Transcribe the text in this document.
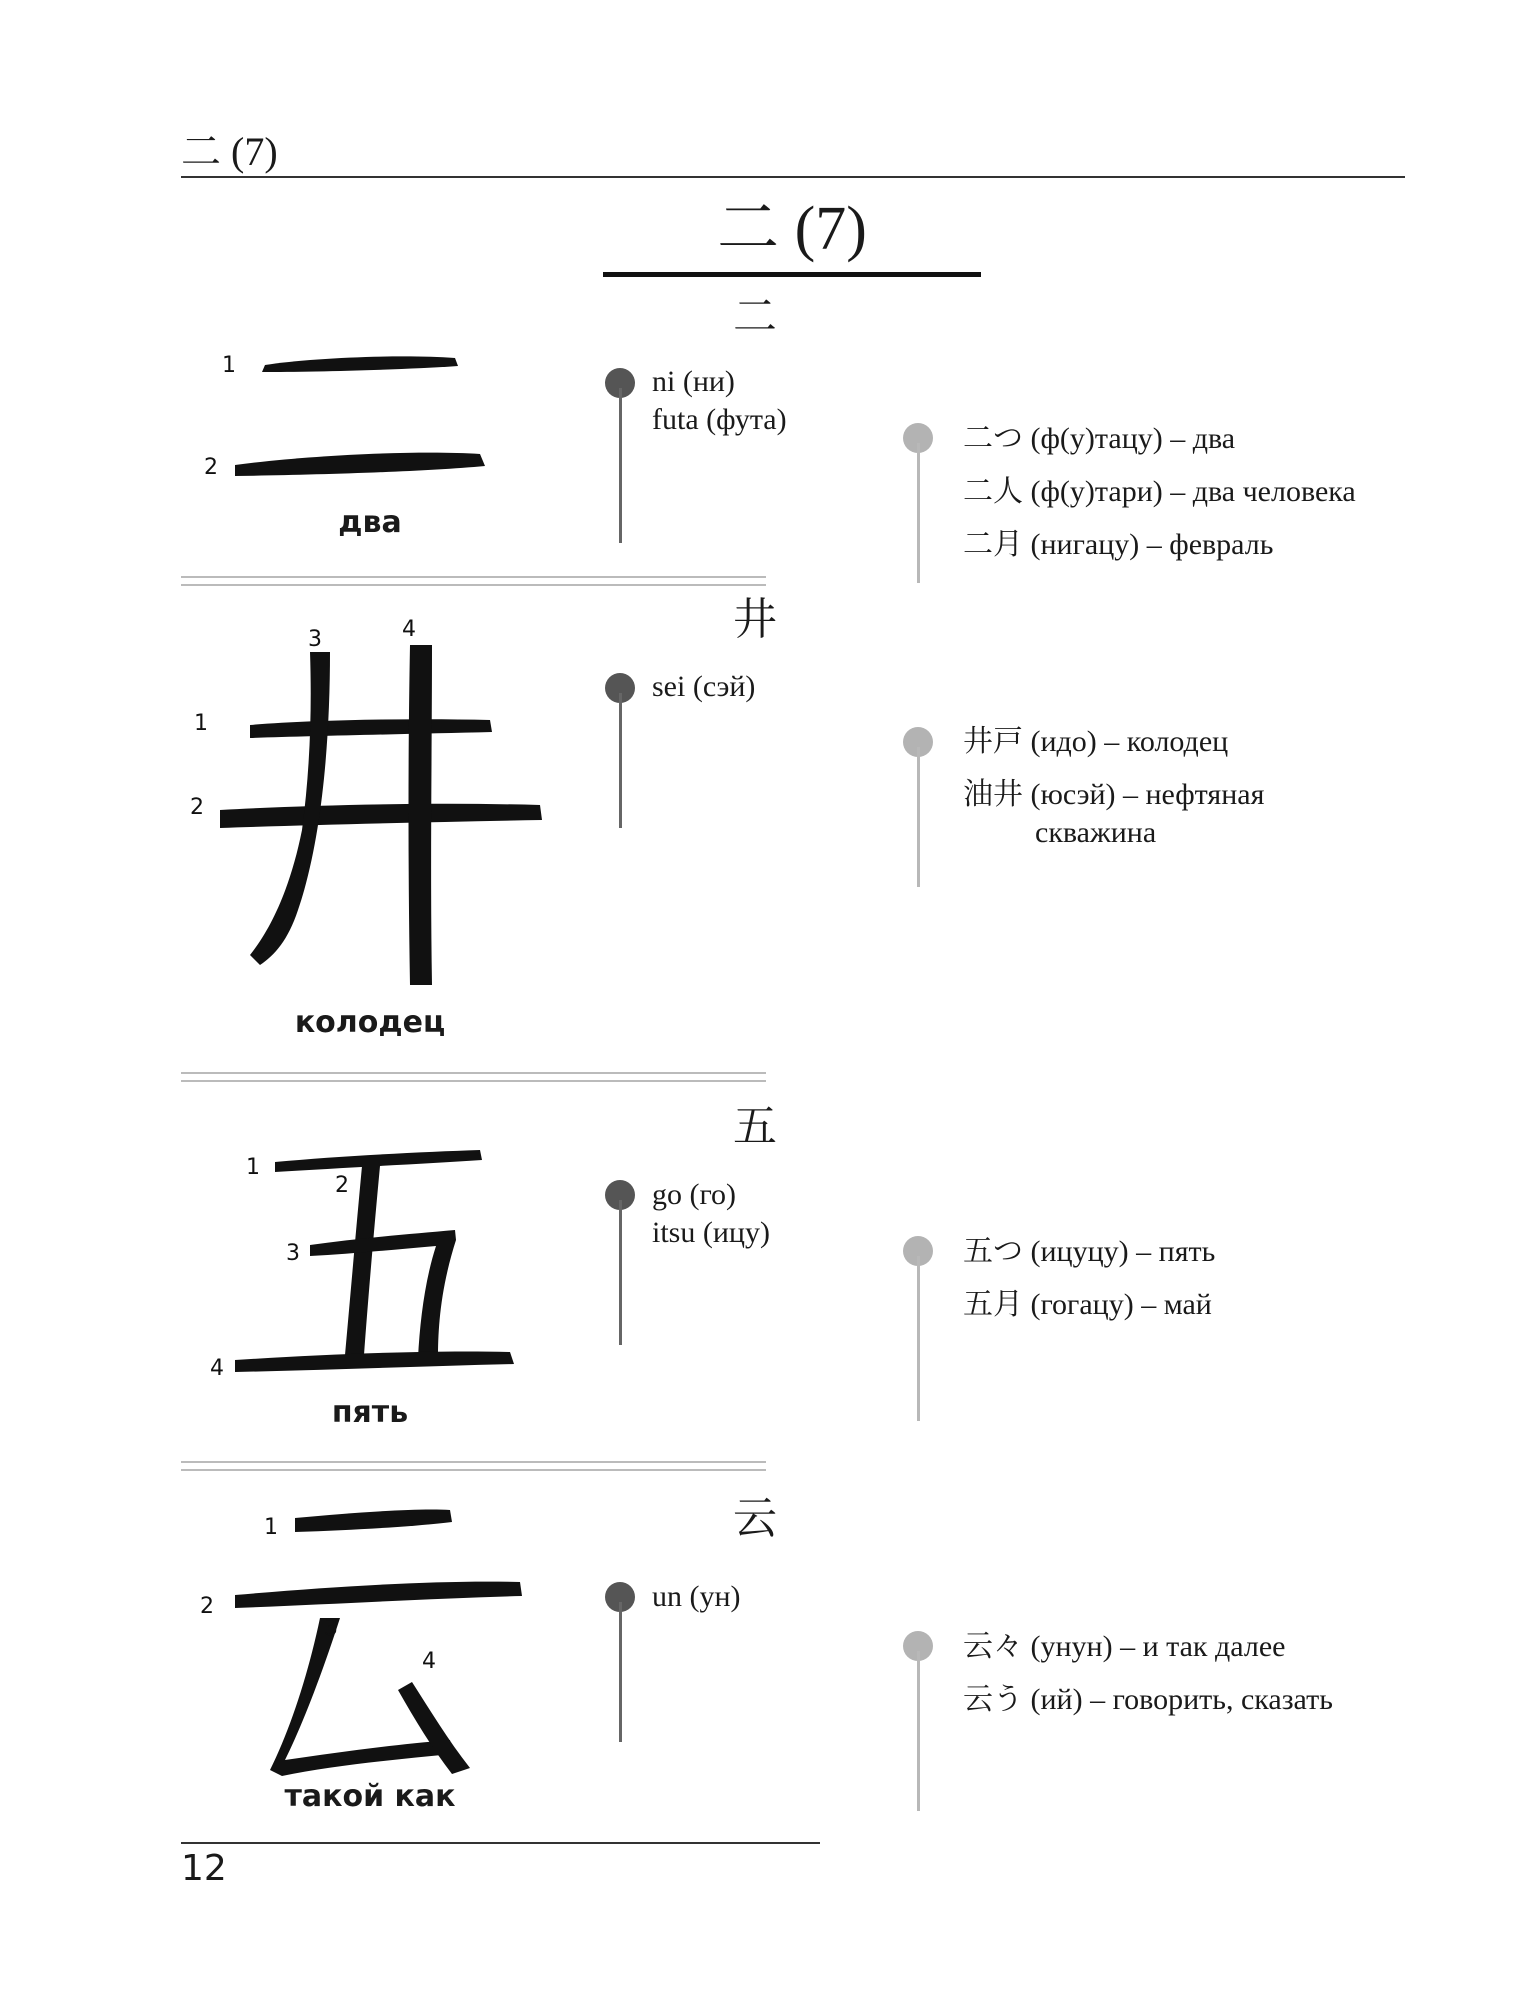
二 (7)
二 (7)
二
1
2
два
ni (ни)
futa (фута)
二つ (ф(у)тацу) – два
二人 (ф(у)тари) – два человека
二月 (нигацу) – февраль
井
1
2
3	4
колодец
sei (сэй)
井戸 (идо) – колодец
油井 (юсэй) – нефтяная
скважина
五
1
2
3
4
пять
go (го)
itsu (ицу)
五つ (ицуцу) – пять
五月 (гогацу) – май
云
1
2
3
4
такой как
un (ун)
云々 (унун) – и так далее
云う (ий) – говорить, сказать
12
